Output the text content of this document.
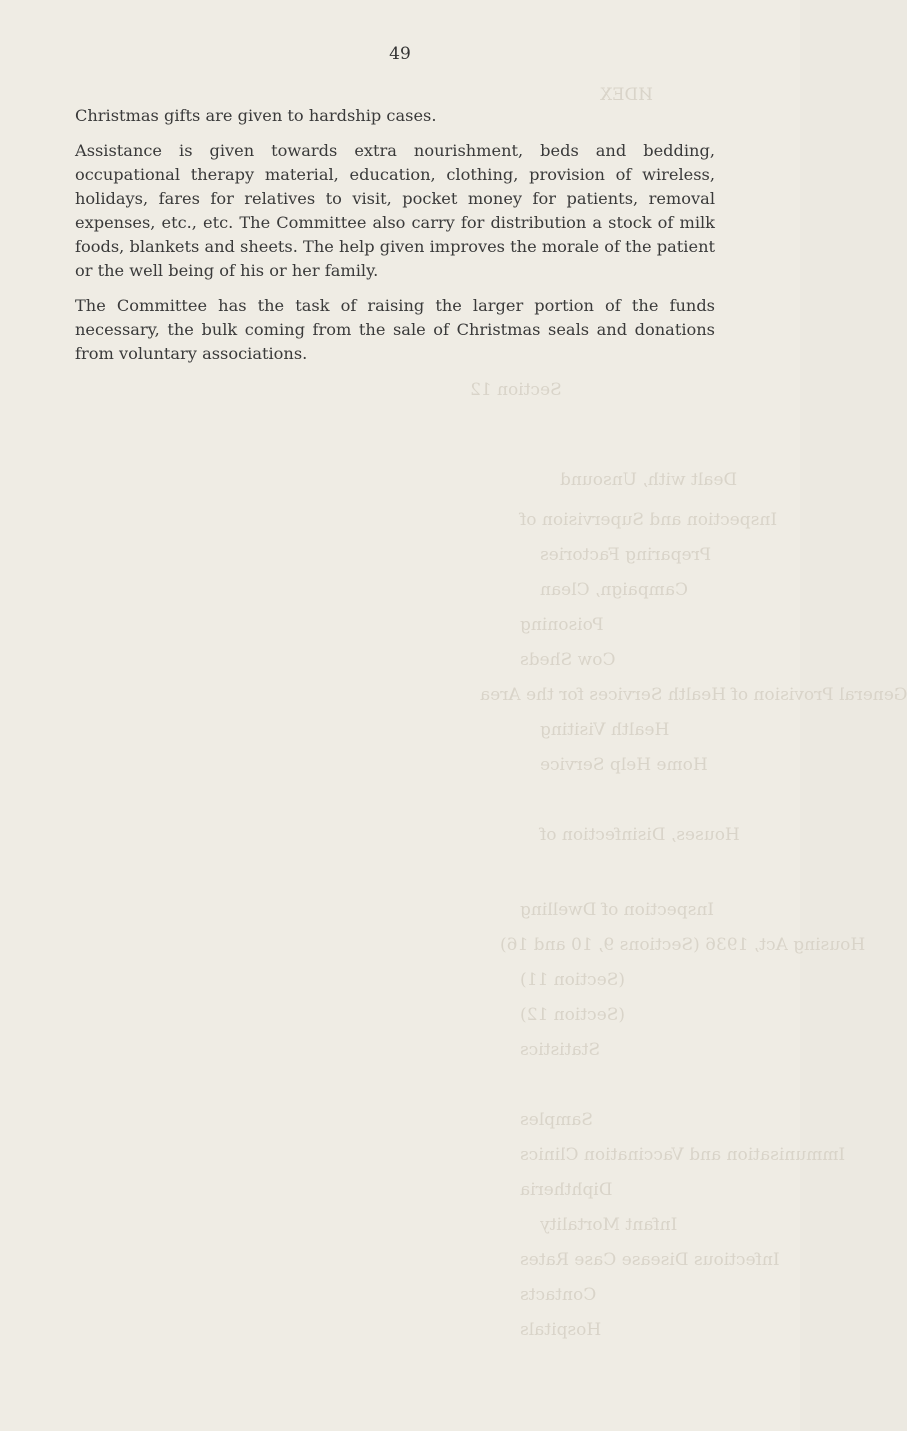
ИDEX
Section 12
Dealt with, Unsound
Inspection and Supervision of
Preparing Factories
Campaign, Clean
Poisoning
Cow Sheds
General Provision of Health Services for the Area
Health Visiting
Home Help Service
Houses, Disinfection of
Inspection of Dwelling
Housing Act, 1936 (Sections 9, 10 and 16)
(Section 11)
(Section 12)
Statistics
Samples
Immunisation and Vaccination Clinics
Diphtheria
Infant Mortality
Infectious Disease Case Rates
Contacts
Hospitals
49

Christmas gifts are given to hardship cases.

Assistance is given towards extra nourishment, beds and bedding, occupational therapy material, education, clothing, provision of wireless, holidays, fares for relatives to visit, pocket money for patients, removal expenses, etc., etc. The Committee also carry for distribution a stock of milk foods, blankets and sheets. The help given improves the morale of the patient or the well being of his or her family.

The Committee has the task of raising the larger portion of the funds necessary, the bulk coming from the sale of Christmas seals and donations from voluntary associations.
